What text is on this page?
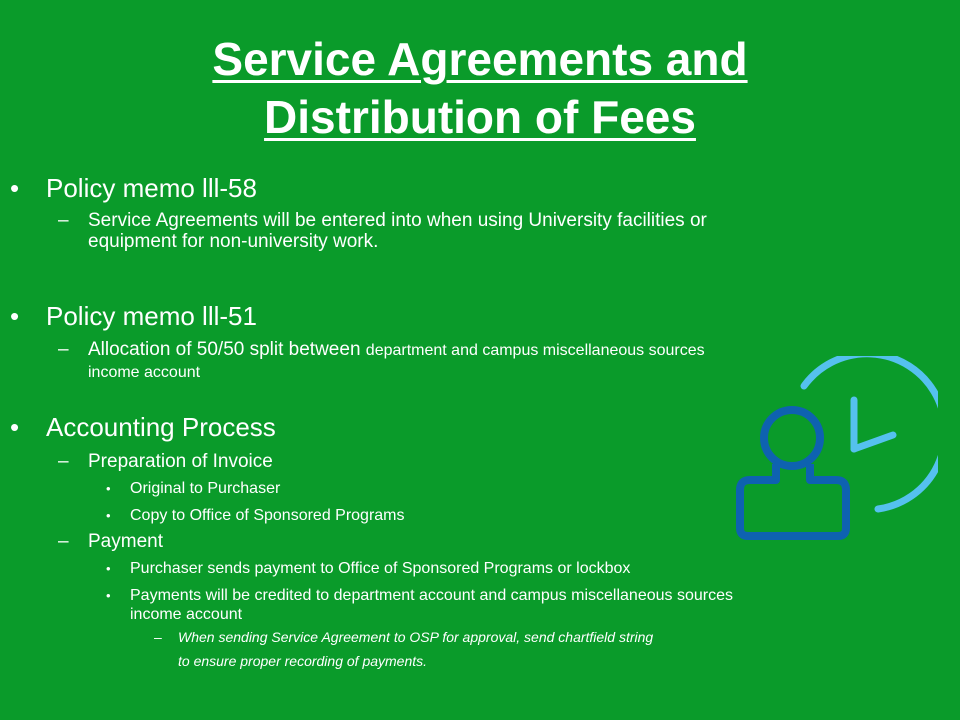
Service Agreements and
Distribution of Fees
• Policy memo lll-58
– Service Agreements will be entered into when using University facilities or
equipment for non-university work.
• Policy memo lll-51
– Allocation of 50/50 split between department and campus miscellaneous sources
income account
• Accounting Process
– Preparation of Invoice
• Original to Purchaser
• Copy to Office of Sponsored Programs
– Payment
• Purchaser sends payment to Office of Sponsored Programs or lockbox
• Payments will be credited to department account and campus miscellaneous sources
income account
– When sending Service Agreement to OSP for approval, send chartfield string
to ensure proper recording of payments.
